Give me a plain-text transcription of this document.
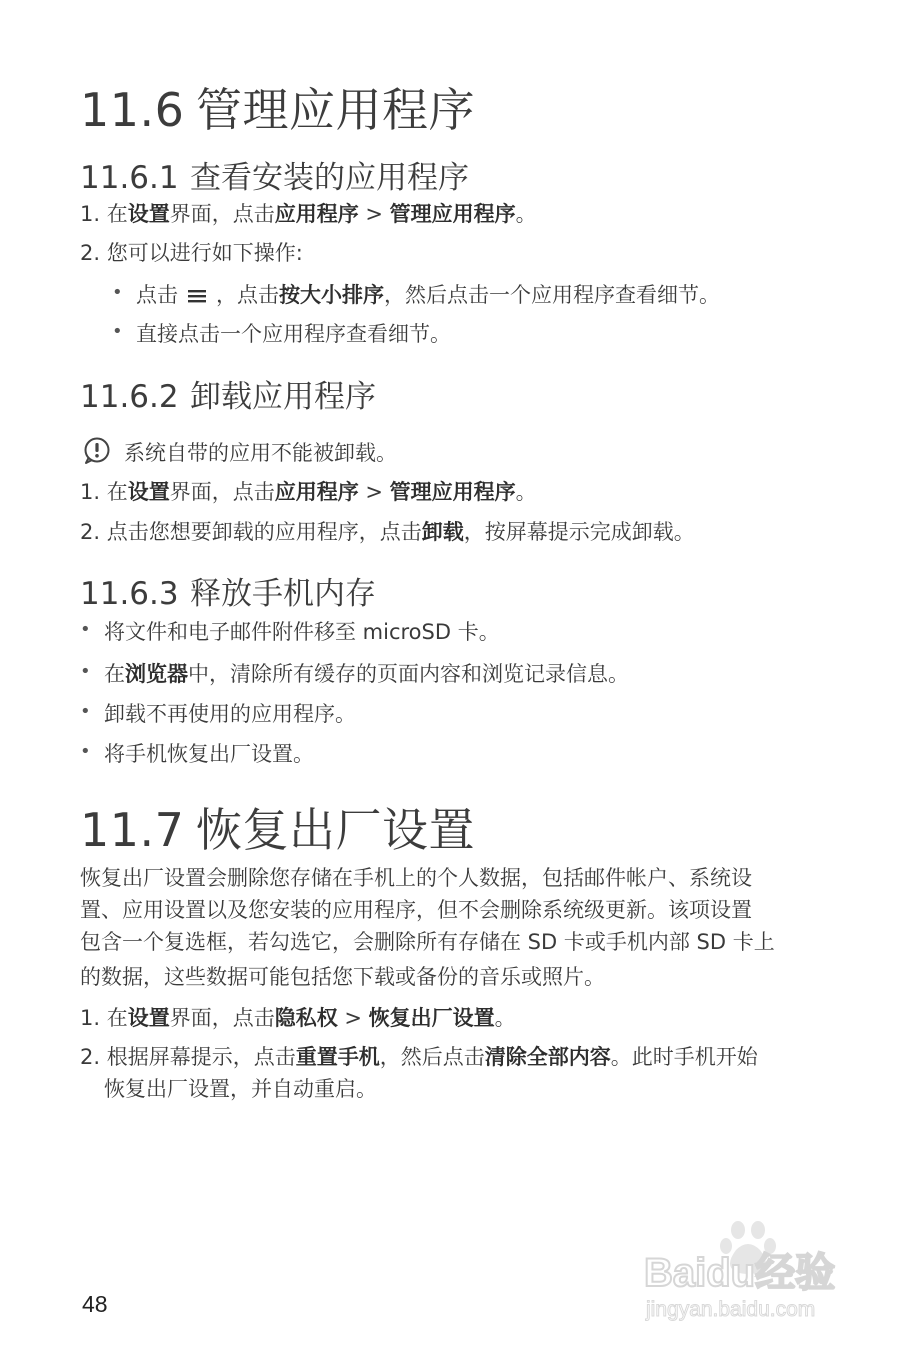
11.6 管理应用程序
11.6.1 查看安装的应用程序
1. 在设置界面，点击应用程序 > 管理应用程序。
2. 您可以进行如下操作:
• 点击 ，点击按大小排序，然后点击一个应用程序查看细节。
• 直接点击一个应用程序查看细节。
11.6.2 卸载应用程序
系统自带的应用不能被卸载。
1. 在设置界面，点击应用程序 > 管理应用程序。
2. 点击您想要卸载的应用程序，点击卸载，按屏幕提示完成卸载。
11.6.3 释放手机内存
• 将文件和电子邮件附件移至 microSD 卡。
• 在浏览器中，清除所有缓存的页面内容和浏览记录信息。
• 卸载不再使用的应用程序。
• 将手机恢复出厂设置。
11.7 恢复出厂设置
恢复出厂设置会删除您存储在手机上的个人数据，包括邮件帐户、系统设
置、应用设置以及您安装的应用程序，但不会删除系统级更新。该项设置
包含一个复选框，若勾选它，会删除所有存储在 SD 卡或手机内部 SD 卡上
的数据，这些数据可能包括您下载或备份的音乐或照片。
1. 在设置界面，点击隐私权 > 恢复出厂设置。
2. 根据屏幕提示，点击重置手机，然后点击清除全部内容。此时手机开始
恢复出厂设置，并自动重启。
48
Baidu经验
jingyan.baidu.com
